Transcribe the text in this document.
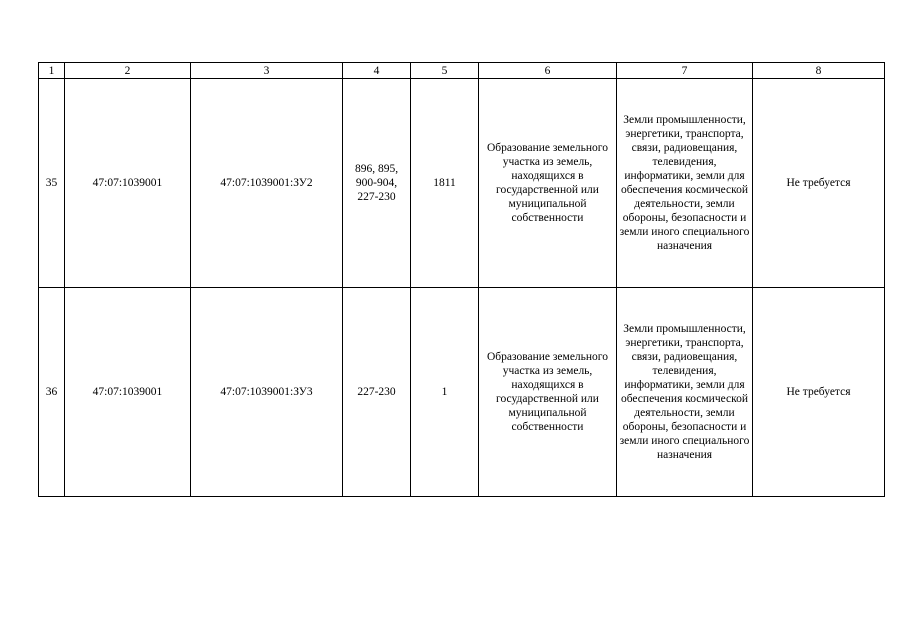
1	2	3	4	5	6	7	8
35	47:07:1039001	47:07:1039001:ЗУ2	896, 895, 900-904, 227-230	1811	Образование земельного участка из земель, находящихся в государственной или муниципальной собственности	Земли промышленности, энергетики, транспорта, связи, радиовещания, телевидения, информатики, земли для обеспечения космической деятельности, земли обороны, безопасности и земли иного специального назначения	Не требуется
36	47:07:1039001	47:07:1039001:ЗУ3	227-230	1	Образование земельного участка из земель, находящихся в государственной или муниципальной собственности	Земли промышленности, энергетики, транспорта, связи, радиовещания, телевидения, информатики, земли для обеспечения космической деятельности, земли обороны, безопасности и земли иного специального назначения	Не требуется
